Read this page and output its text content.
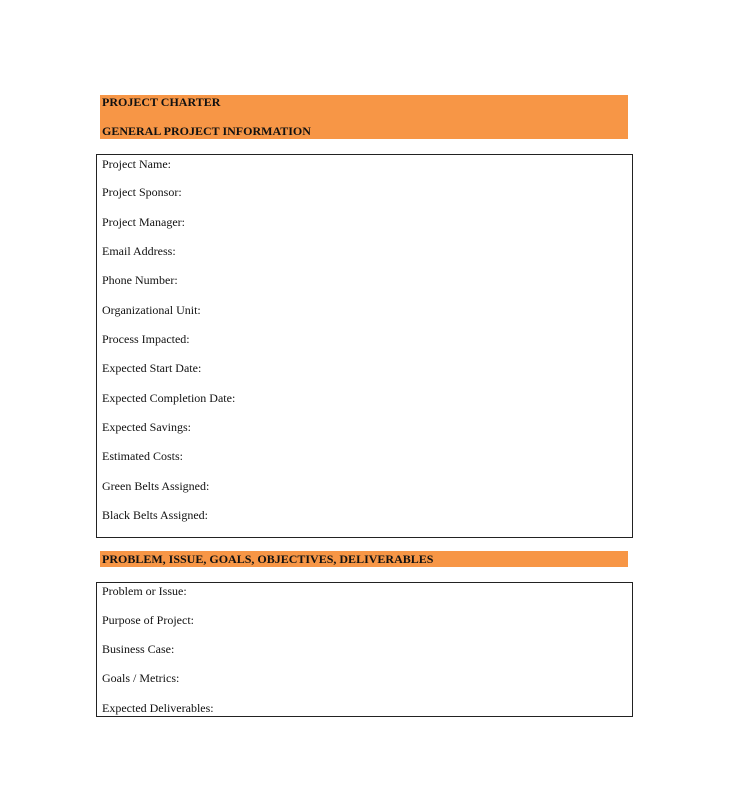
PROJECT CHARTER
GENERAL PROJECT INFORMATION
Project Name:
Project Sponsor:
Project Manager:
Email Address:
Phone Number:
Organizational Unit:
Process Impacted:
Expected Start Date:
Expected Completion Date:
Expected Savings:
Estimated Costs:
Green Belts Assigned:
Black Belts Assigned:
PROBLEM, ISSUE, GOALS, OBJECTIVES, DELIVERABLES
Problem or Issue:
Purpose of Project:
Business Case:
Goals / Metrics:
Expected Deliverables:
